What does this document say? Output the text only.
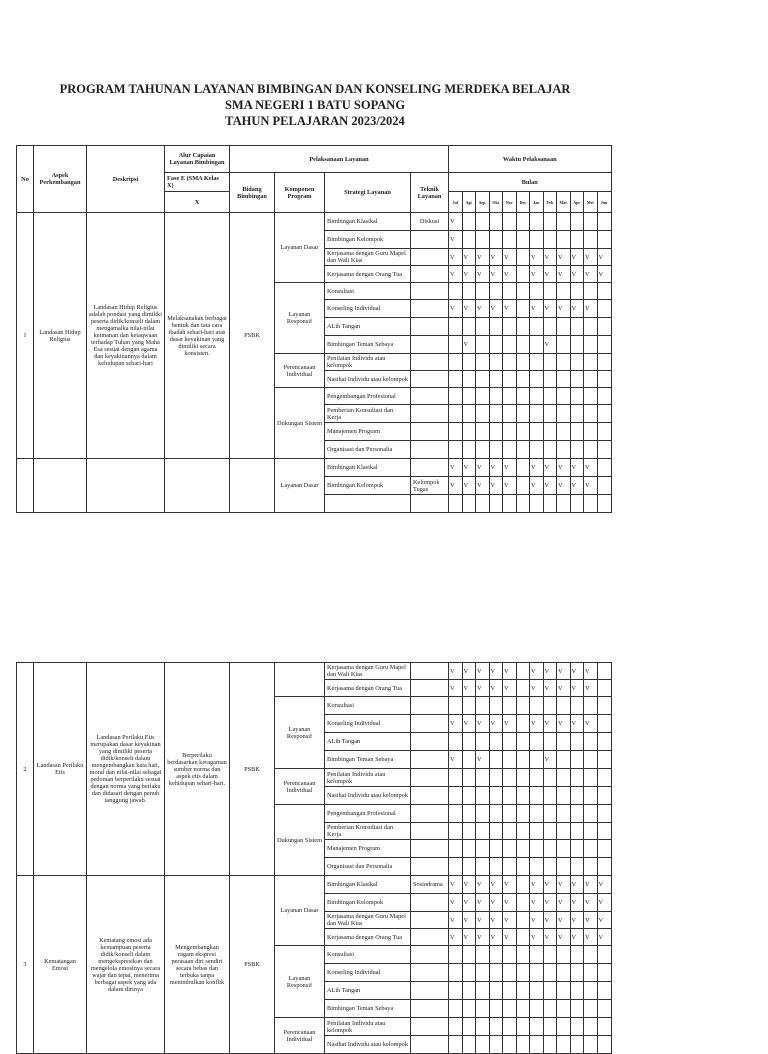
PROGRAM TAHUNAN LAYANAN BIMBINGAN DAN KONSELING MERDEKA BELAJAR
SMA NEGERI 1 BATU SOPANG
TAHUN PELAJARAN 2023/2024
No	Aspek Perkembangan	Deskripsi	Alur Capaian Layanan Bimbingan	Pelaksanaan Layanan				Waktu Pelaksanaan											
			Fase E (SMA Kelas X)	Bidang Bimbingan	Komponen Program	Strategi Layanan	Teknik Layanan	Bulan											
			X					Jul	Agt	Sep	Okt	Nov	Des	Jan	Feb	Mar	Apr	Mei	Jun
1	Landasan Hidup Religius	Landasan Hidup Religius adalah pondasi yang dimiliki peserta didik/konseli dalam mengamalka nilai-nilai keimanan dan ketaqwaan terhadap Tuhan yang Maha Esa sesuai dengan agama dan keyakinannya dalam kehidupan sehari-hari	Melaksanakan berbagai bentuk dan tata cara ibadah sehari-hari atas dasar keyakinan yang dimiliki secara konsisten.	PSBK	Layanan Dasar	Bimbingan Klasikal	Diskusi	V											
						Bimbingan Kelompok		V											
						Kerjasama dengan Guru Mapel dan Wali Kias		V	V	V	V	V		V	V	V	V	V	V
						Kerjasama dengan Orang Tua		V	V	V	V	V		V	V	V	V	V	V
					Layanan Responsif	Konsultasi													
						Konseling Individual		V	V	V	V	V		V	V	V	V	V	
						ALih Tangan													
						Bimbingan Teman Sebaya			V						V				
					Perencanaan Individual	Penilaian Individu atau kelompok													
						Nasihat Individu atau kelompok													
					Dukungan Sistem	Pengembangan Profesional													
						Pemberian Konsultasi dan Kerja													
						Manajemen Program													
						Organisasi dan Personalia													
					Layanan Dasar	Bimbingan Klasikal		V	V	V	V	V		V	V	V	V	V	
						Bimbingan Kelompok	Kelompok Tugas	V	V	V	V	V		V	V	V	V	V	

2	Landasan Perilaku Etis	Landasan Perilaku Etis merupakan dasar keyakinan yang dimiliki peserta didik/konseli dalam mengembangkan kata hati, moral dan nilai-nilai sebagai pedoman berperilaku sesuai dengan norma yang berlaku dan didasari dengan penuh tanggung jawab.	Berperilaku berdasarkan keragaman sumber norma dan aspek etis dalam kehidupan sehari-hari.	PSBK		Kerjasama dengan Guru Mapel dan Wali Kias		V	V	V	V	V		V	V	V	V	V	
						Kerjasama dengan Orang Tua		V	V	V	V	V		V	V	V	V	V	
					Layanan Responsif	Konsultasi													
						Konseling Individual		V	V	V	V	V		V	V	V	V	V	
						ALih Tangan													
						Bimbingan Teman Sebaya		V		V					V				
					Perencanaan Individual	Penilaian Individu atau kelompok													
						Nasihat Individu atau kelompok													
					Dukungan Sistem	Pengembangan Profesional													
						Pemberian Konsultasi dan Kerja													
						Manajemen Program													
						Organisasi dan Personalia													
3	Kematangan Emosi	Kematang emosi ada kemampuan peserta didik/konseli dalam mengekspresikan dan mengelola emosinya secara wajar dan tepat, menerima berbagai aspek yang ada dalam dirinya	Mengembangkan ragam ekspresi perasaan diri sendiri secara bebas dan terbuka tanpa menimbulkan konflik	PSBK	Layanan Dasar	Bimbingan Klasikal	Sosiodrama	V	V	V	V	V		V	V	V	V	V	V
						Bimbingan Kelompok		V	V	V	V	V		V	V	V	V	V	V
						Kerjasama dengan Guru Mapel dan Wali Kias		V	V	V	V	V		V	V	V	V	V	V
						Kerjasama dengan Orang Tua		V	V	V	V	V		V	V	V	V	V	V
					Layanan Responsif	Konsultasi													
						Konseling Individual													
						ALih Tangan													
						Bimbingan Teman Sebaya													
					Perencanaan Individual	Penilaian Individu atau kelompok													
						Nasihat Individu atau kelompok													
